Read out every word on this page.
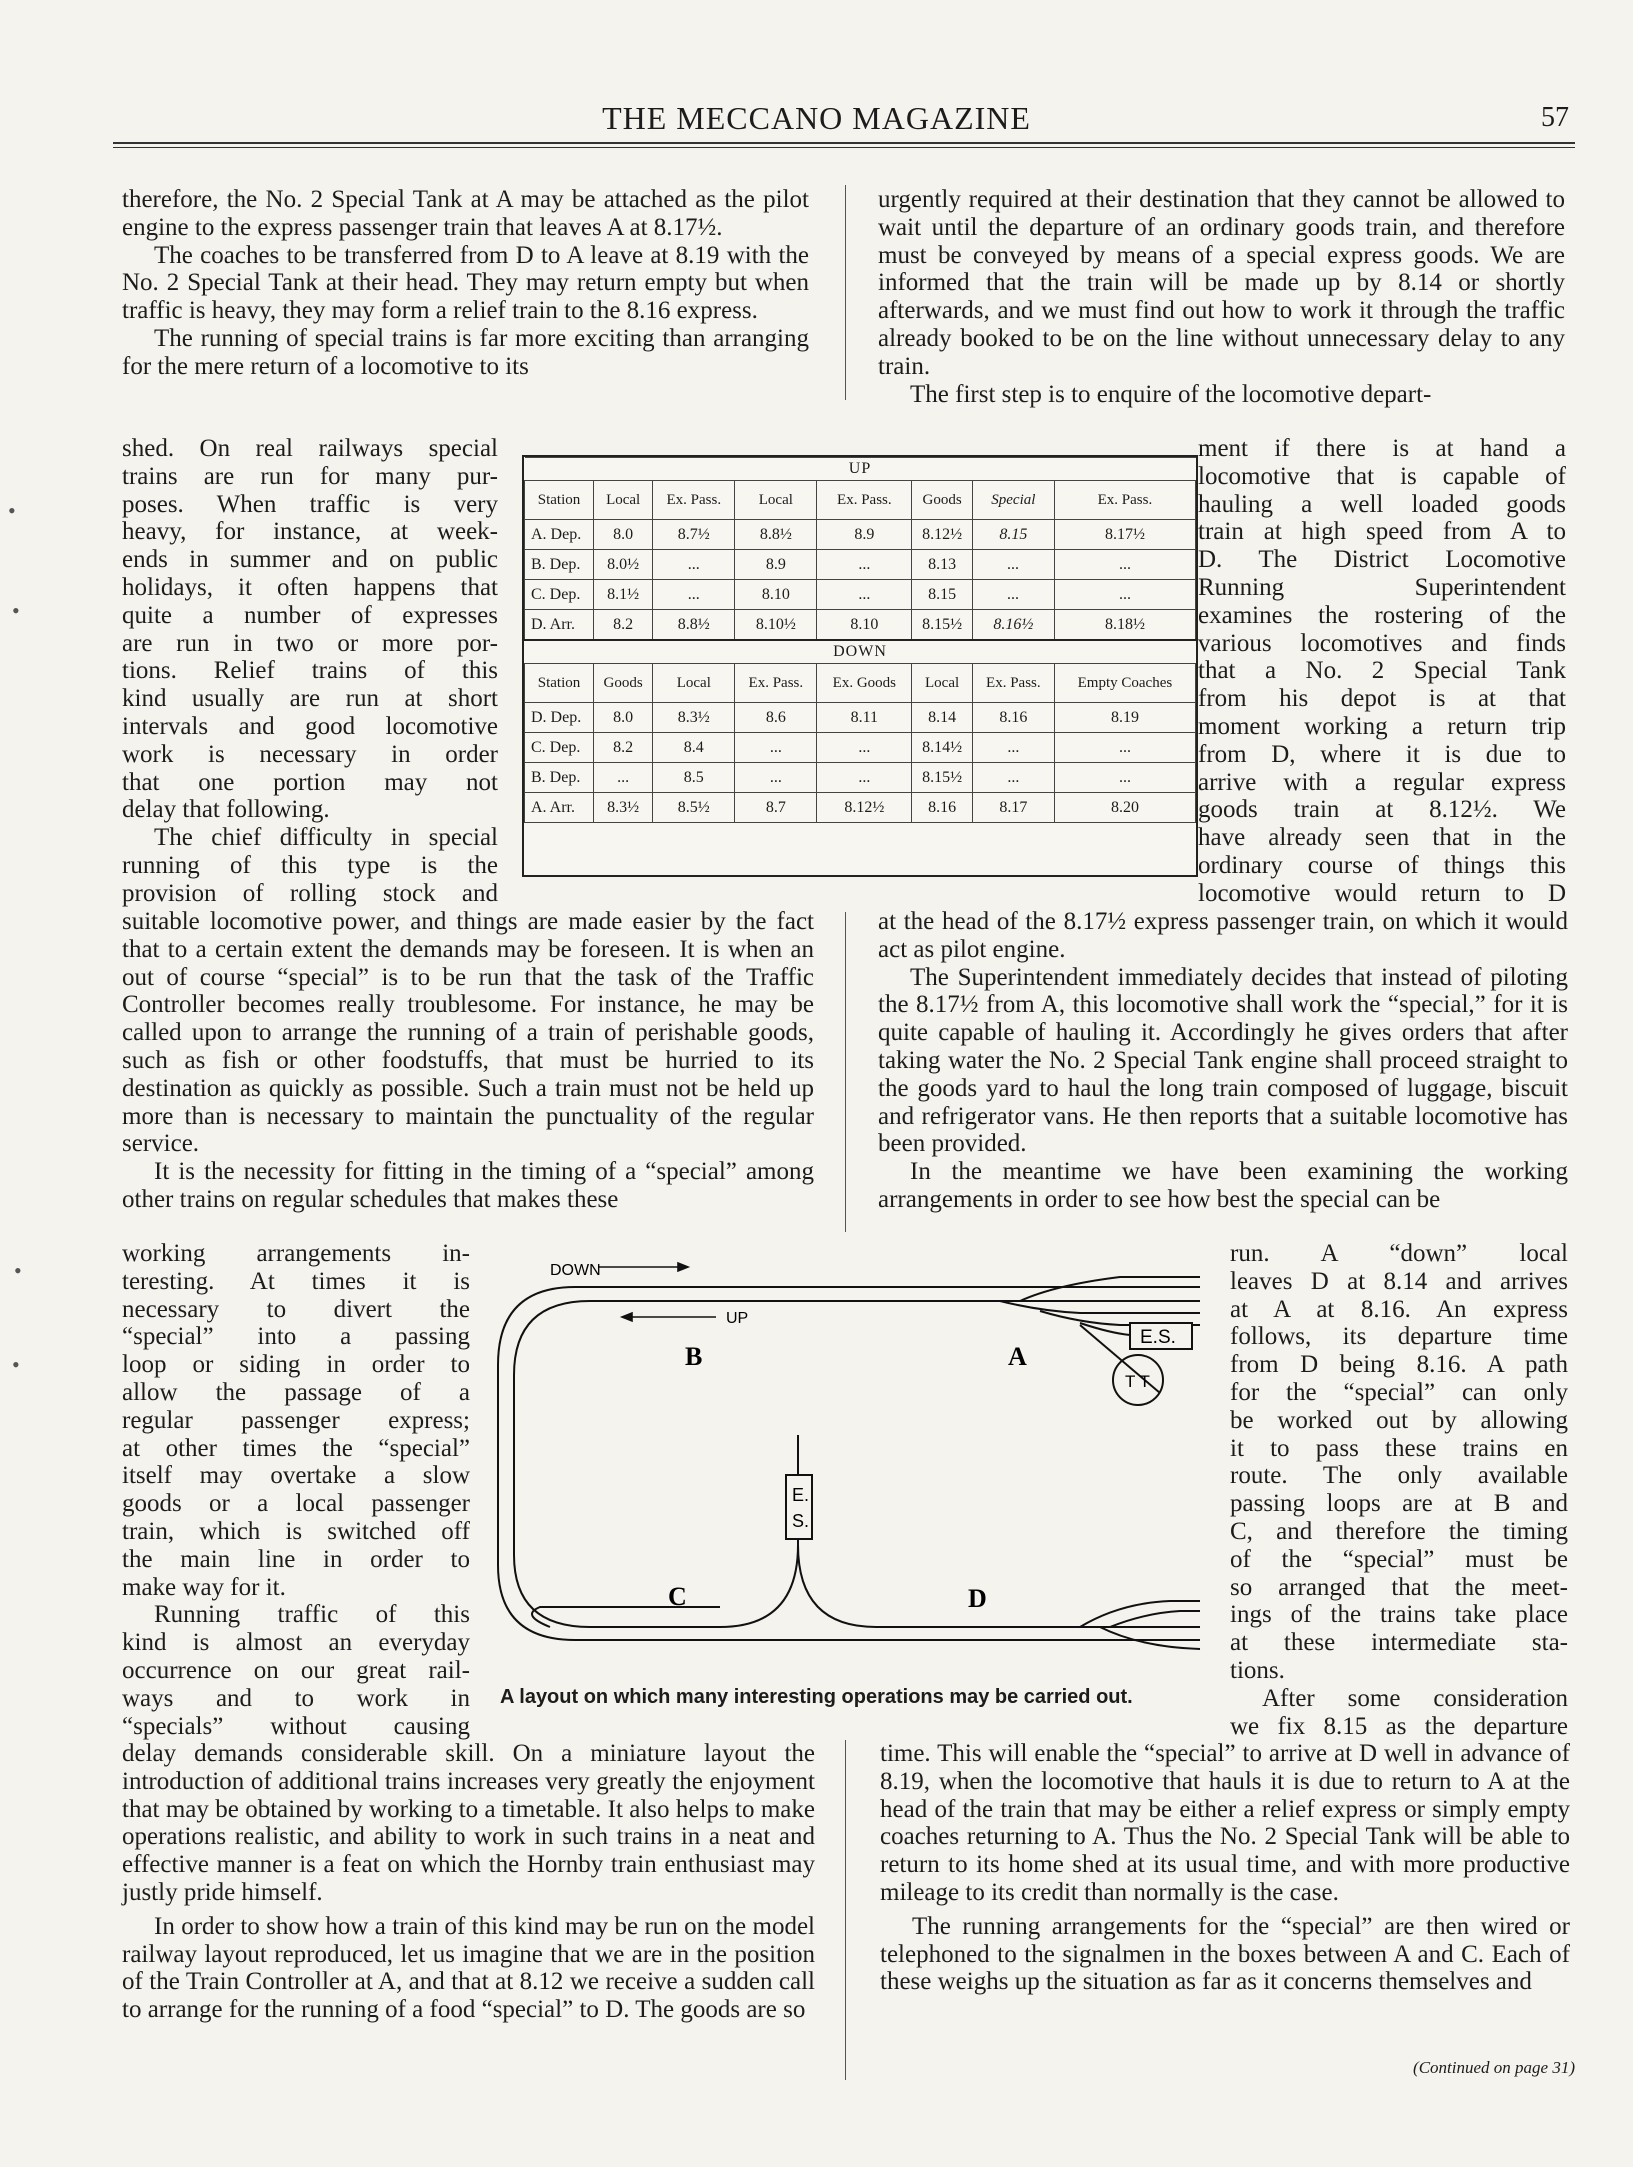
THE MECCANO MAGAZINE	57
•
•
•
•

therefore, the No. 2 Special Tank at A may be attached as the pilot engine to the express passenger train that leaves A at 8.17½.

The coaches to be transferred from D to A leave at 8.19 with the No. 2 Special Tank at their head. They may return empty but when traffic is heavy, they may form a relief train to the 8.16 express.

The running of special trains is far more exciting than arranging for the mere return of a locomotive to its

shed. On real railways special
trains are run for many pur-
poses. When traffic is very
heavy, for instance, at week-
ends in summer and on public
holidays, it often happens that
quite a number of expresses
are run in two or more por-
tions. Relief trains of this
kind usually are run at short
intervals and good locomotive
work is necessary in order
that one portion may not
delay that following.
The chief difficulty in special
running of this type is the
provision of rolling stock and

suitable locomotive power, and things are made easier by the fact that to a certain extent the demands may be foreseen. It is when an out of course “special” is to be run that the task of the Traffic Controller becomes really troublesome. For instance, he may be called upon to arrange the running of a train of perishable goods, such as fish or other foodstuffs, that must be hurried to its destination as quickly as possible. Such a train must not be held up more than is necessary to maintain the punctuality of the regular service.

It is the necessity for fitting in the timing of a “special” among other trains on regular schedules that makes these

working arrangements in-
teresting. At times it is
necessary to divert the
“special” into a passing
loop or siding in order to
allow the passage of a
regular passenger express;
at other times the “special”
itself may overtake a slow
goods or a local passenger
train, which is switched off
the main line in order to
make way for it.
Running traffic of this
kind is almost an everyday
occurrence on our great rail-
ways and to work in
“specials” without causing

delay demands considerable skill. On a miniature layout the introduction of additional trains increases very greatly the enjoyment that may be obtained by working to a timetable. It also helps to make operations realistic, and ability to work in such trains in a neat and effective manner is a feat on which the Hornby train enthusiast may justly pride himself.

In order to show how a train of this kind may be run on the model railway layout reproduced, let us imagine that we are in the position of the Train Controller at A, and that at 8.12 we receive a sudden call to arrange for the running of a food “special” to D. The goods are so

urgently required at their destination that they cannot be allowed to wait until the departure of an ordinary goods train, and therefore must be conveyed by means of a special express goods. We are informed that the train will be made up by 8.14 or shortly afterwards, and we must find out how to work it through the traffic already booked to be on the line without unnecessary delay to any train.

The first step is to enquire of the locomotive depart-

ment if there is at hand a
locomotive that is capable of
hauling a well loaded goods
train at high speed from A to
D. The District Locomotive
Running Superintendent
examines the rostering of the
various locomotives and finds
that a No. 2 Special Tank
from his depot is at that
moment working a return trip
from D, where it is due to
arrive with a regular express
goods train at 8.12½. We
have already seen that in the
ordinary course of things this
locomotive would return to D

at the head of the 8.17½ express passenger train, on which it would act as pilot engine.

The Superintendent immediately decides that instead of piloting the 8.17½ from A, this locomotive shall work the “special,” for it is quite capable of hauling it. Accordingly he gives orders that after taking water the No. 2 Special Tank engine shall proceed straight to the goods yard to haul the long train composed of luggage, biscuit and refrigerator vans. He then reports that a suitable locomotive has been provided.

In the meantime we have been examining the working arrangements in order to see how best the special can be

run. A “down” local
leaves D at 8.14 and arrives
at A at 8.16. An express
follows, its departure time
from D being 8.16. A path
for the “special” can only
be worked out by allowing
it to pass these trains en
route. The only available
passing loops are at B and
C, and therefore the timing
of the “special” must be
so arranged that the meet-
ings of the trains take place
at these intermediate sta-
tions.
After some consideration
we fix 8.15 as the departure

time. This will enable the “special” to arrive at D well in advance of 8.19, when the locomotive that hauls it is due to return to A at the head of the train that may be either a relief express or simply empty coaches returning to A. Thus the No. 2 Special Tank will be able to return to its home shed at its usual time, and with more productive mileage to its credit than normally is the case.

The running arrangements for the “special” are then wired or telephoned to the signalmen in the boxes between A and C. Each of these weighs up the situation as far as it concerns themselves and

(Continued on page 31)
UP							
Station	Local	Ex. Pass.	Local	Ex. Pass.	Goods	Special	Ex. Pass.
A. Dep.	8.0	8.7½	8.8½	8.9	8.12½	8.15	8.17½
B. Dep.	8.0½	...	8.9	...	8.13	...	...
C. Dep.	8.1½	...	8.10	...	8.15	...	...
D. Arr.	8.2	8.8½	8.10½	8.10	8.15½	8.16½	8.18½
DOWN							
Station	Goods	Local	Ex. Pass.	Ex. Goods	Local	Ex. Pass.	Empty Coaches
D. Dep.	8.0	8.3½	8.6	8.11	8.14	8.16	8.19
C. Dep.	8.2	8.4	...	...	8.14½	...	...
B. Dep.	...	8.5	...	...	8.15½	...	...
A. Arr.	8.3½	8.5½	8.7	8.12½	8.16	8.17	8.20
DOWN
UP
E.S.
E.
S.
T T
B	A
C	D
A layout on which many interesting operations may be carried out.
